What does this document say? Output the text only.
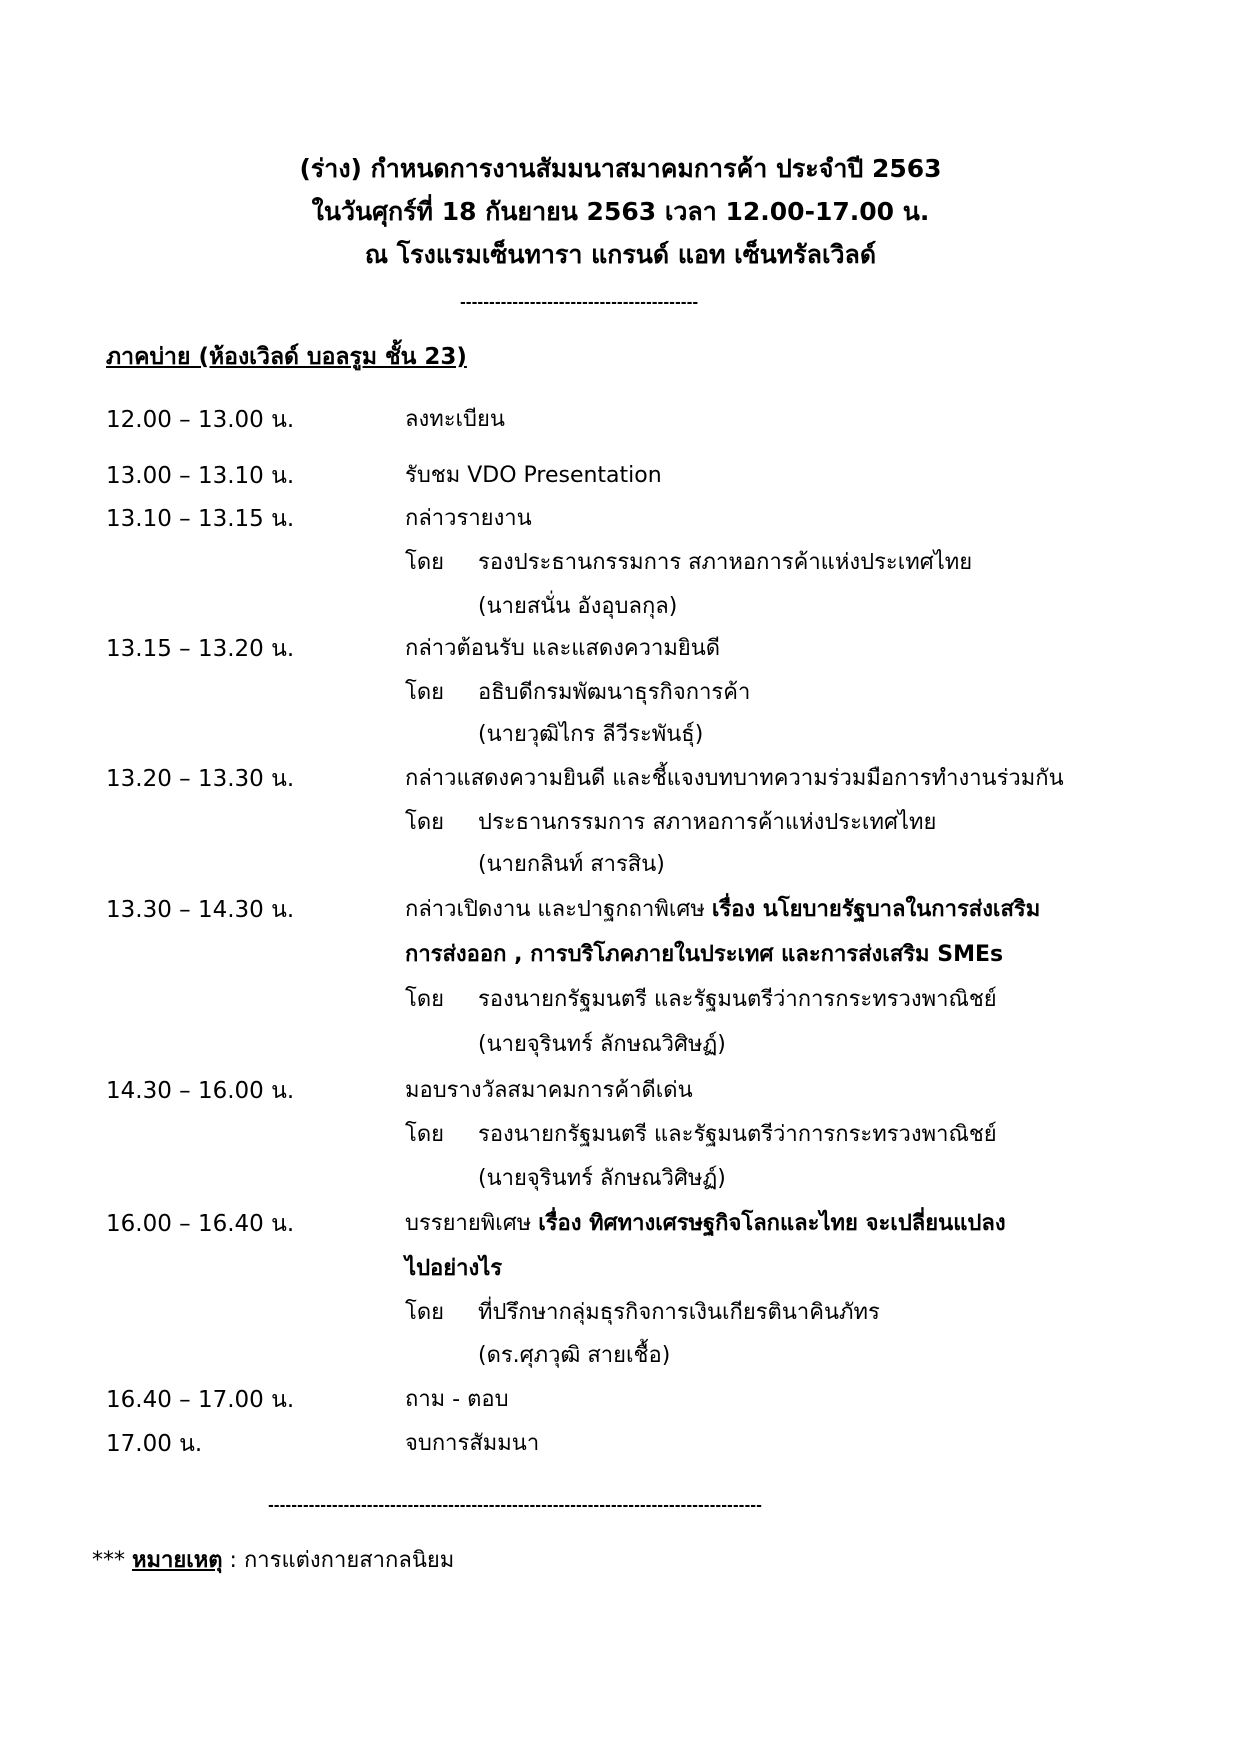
(ร่าง) กำหนดการงานสัมมนาสมาคมการค้า ประจำปี 2563
ในวันศุกร์ที่ 18 กันยายน 2563 เวลา 12.00-17.00 น.
ณ โรงแรมเซ็นทารา แกรนด์ แอท เซ็นทรัลเวิลด์
-----------------------------------------
ภาคบ่าย (ห้องเวิลด์ บอลรูม ชั้น 23)
12.00 – 13.00 น.	ลงทะเบียน
13.00 – 13.10 น.	รับชม VDO Presentation
13.10 – 13.15 น.	กล่าวรายงาน
โดย รองประธานกรรมการ สภาหอการค้าแห่งประเทศไทย
(นายสนั่น อังอุบลกุล)
13.15 – 13.20 น.	กล่าวต้อนรับ และแสดงความยินดี
โดย อธิบดีกรมพัฒนาธุรกิจการค้า
(นายวุฒิไกร ลีวีระพันธุ์)
13.20 – 13.30 น.	กล่าวแสดงความยินดี และชี้แจงบทบาทความร่วมมือการทำงานร่วมกัน
โดย ประธานกรรมการ สภาหอการค้าแห่งประเทศไทย
(นายกลินท์ สารสิน)
13.30 – 14.30 น.	กล่าวเปิดงาน และปาฐกถาพิเศษ เรื่อง นโยบายรัฐบาลในการส่งเสริม
การส่งออก , การบริโภคภายในประเทศ และการส่งเสริม SMEs
โดย รองนายกรัฐมนตรี และรัฐมนตรีว่าการกระทรวงพาณิชย์
(นายจุรินทร์ ลักษณวิศิษฏ์)
14.30 – 16.00 น.	มอบรางวัลสมาคมการค้าดีเด่น
โดย รองนายกรัฐมนตรี และรัฐมนตรีว่าการกระทรวงพาณิชย์
(นายจุรินทร์ ลักษณวิศิษฏ์)
16.00 – 16.40 น.	บรรยายพิเศษ เรื่อง ทิศทางเศรษฐกิจโลกและไทย จะเปลี่ยนแปลง
ไปอย่างไร
โดย ที่ปรึกษากลุ่มธุรกิจการเงินเกียรตินาคินภัทร
(ดร.ศุภวุฒิ สายเชื้อ)
16.40 – 17.00 น.	ถาม - ตอบ
17.00 น.	จบการสัมมนา
-------------------------------------------------------------------------------------
*** หมายเหตุ : การแต่งกายสากลนิยม
